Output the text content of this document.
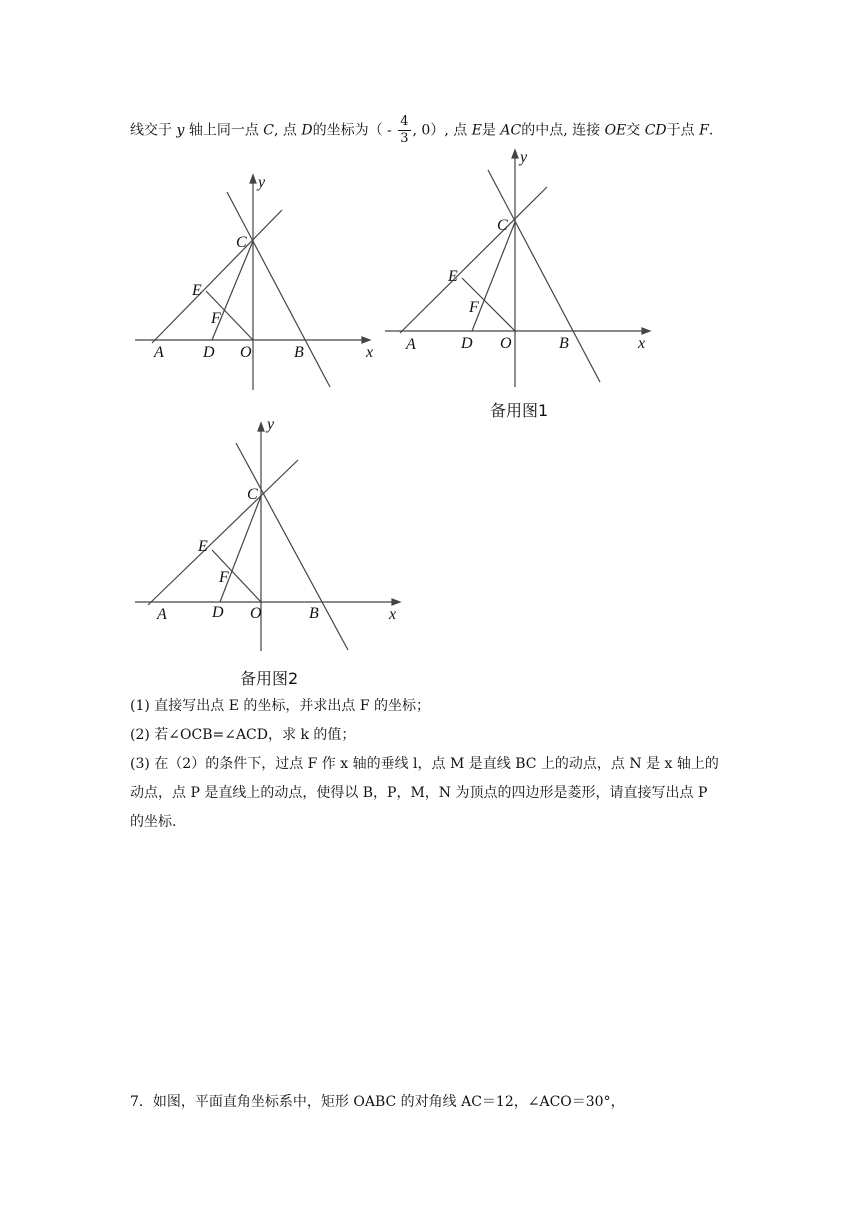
线交于 y 轴上同一点 C, 点 D的坐标为（ - $\frac{4}{3}$ , 0）, 点 E是 AC的中点, 连接 OE交 CD于点 F.
y
C
E
F
A D O	B	x
y
C
E
F
A	D O	B	x
备用图1
y
C
E
F
A	D O	B	x
备用图2
(1) 直接写出点 E 的坐标，并求出点 F 的坐标；
(2) 若∠OCB=∠ACD，求 k 的值；
(3) 在（2）的条件下，过点 F 作 x 轴的垂线 l，点 M 是直线 BC 上的动点，点 N 是 x 轴上的
动点，点 P 是直线上的动点，使得以 B，P，M，N 为顶点的四边形是菱形，请直接写出点 P
的坐标.
7．如图，平面直角坐标系中，矩形 OABC 的对角线 AC＝12，∠ACO＝30°，
